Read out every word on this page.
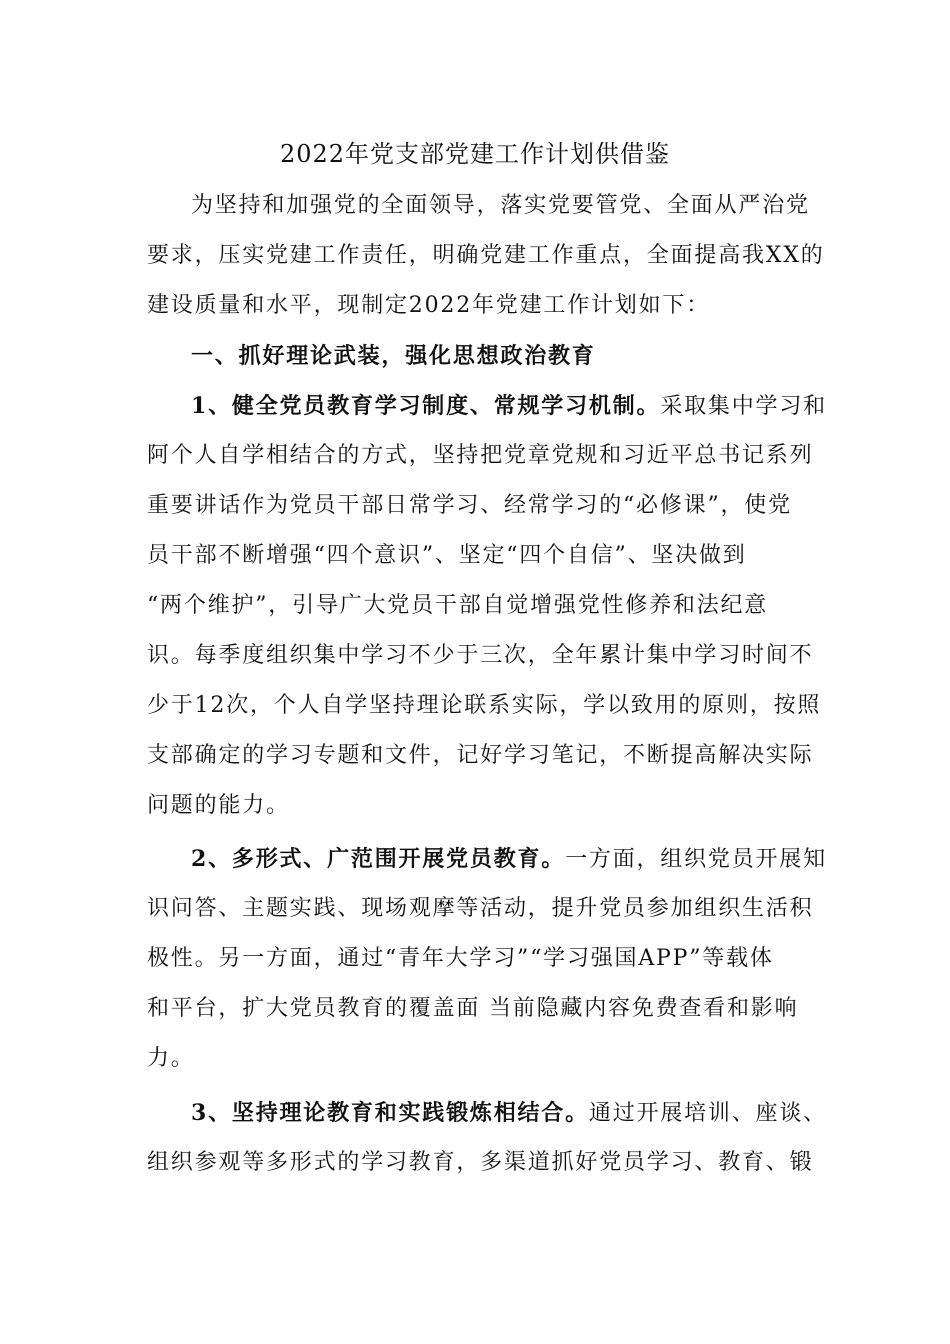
2022年党支部党建工作计划供借鉴
为坚持和加强党的全面领导，落实党要管党、全面从严治党
要求，压实党建工作责任，明确党建工作重点，全面提高我XX的
建设质量和水平，现制定2022年党建工作计划如下：
一、抓好理论武装，强化思想政治教育
1、健全党员教育学习制度、常规学习机制。采取集中学习和
阿个人自学相结合的方式，坚持把党章党规和习近平总书记系列
重要讲话作为党员干部日常学习、经常学习的“必修课”，使党
员干部不断增强“四个意识”、坚定“四个自信”、坚决做到
“两个维护”，引导广大党员干部自觉增强党性修养和法纪意
识。每季度组织集中学习不少于三次，全年累计集中学习时间不
少于12次，个人自学坚持理论联系实际，学以致用的原则，按照
支部确定的学习专题和文件，记好学习笔记，不断提高解决实际
问题的能力。
2、多形式、广范围开展党员教育。一方面，组织党员开展知
识问答、主题实践、现场观摩等活动，提升党员参加组织生活积
极性。另一方面，通过“青年大学习”“学习强国APP”等载体
和平台，扩大党员教育的覆盖面 当前隐藏内容免费查看和影响
力。
3、坚持理论教育和实践锻炼相结合。通过开展培训、座谈、
组织参观等多形式的学习教育，多渠道抓好党员学习、教育、锻
